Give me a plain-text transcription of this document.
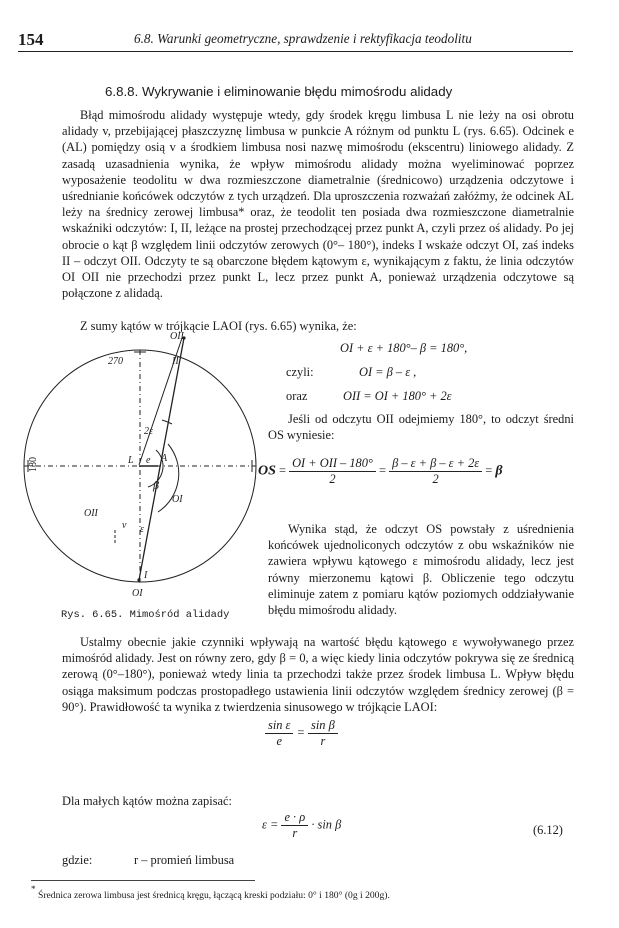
154	6.8. Warunki geometryczne, sprawdzenie i rektyfikacja teodolitu
6.8.8. Wykrywanie i eliminowanie błędu mimośrodu alidady
Błąd mimośrodu alidady występuje wtedy, gdy środek kręgu limbusa L nie leży na osi obrotu alidady v, przebijającej płaszczyznę limbusa w punkcie A różnym od punktu L (rys. 6.65). Odcinek e (AL) pomiędzy osią v a środkiem limbusa nosi nazwę mimośrodu (ekscentru) liniowego alidady. Z zasadą uzasadnienia wynika, że wpływ mimośrodu alidady można wyeliminować poprzez wyposażenie teodolitu w dwa rozmieszczone diametralnie (średnicowo) urządzenia odczytowe i uśrednianie końcówek odczytów z tych urządzeń. Dla uproszczenia rozważań załóżmy, że odcinek AL leży na średnicy zerowej limbusa* oraz, że teodolit ten posiada dwa rozmieszczone diametralnie wskaźniki odczytów: I, II, leżące na prostej przechodzącej przez punkt A, czyli przez oś alidady. Po jej obrocie o kąt β względem linii odczytów zerowych (0°– 180°), indeks I wskaże odczyt OI, zaś indeks II – odczyt OII. Odczyty te są obarczone błędem kątowym ε, wynikającym z faktu, że linia odczytów OI OII nie przechodzi przez punkt L, lecz przez punkt A, ponieważ urządzenia odczytowe są połączone z alidadą.
Z sumy kątów w trójkącie LAOI (rys. 6.65) wynika, że:
OII
270	II
2ε
L e A
β
180
OII
OI
v ε
I
OI
Rys. 6.65. Mimośród alidady
OI + ε + 180°– β = 180°,
czyli:	OI = β – ε ,
oraz	OII = OI + 180° + 2ε
Jeśli od odczytu OII odejmiemy 180°, to odczyt średni OS wyniesie:
OS = $\frac{\text{OI + OII – 180°}}{2} = \frac{\beta - \varepsilon + \beta - \varepsilon + 2\varepsilon}{2} = \beta$
Wynika stąd, że odczyt OS powstały z uśrednienia końcówek ujednoliconych odczytów z obu wskaźników nie zawiera wpływu kątowego ε mimośrodu alidady, lecz jest równy mierzonemu kątowi β. Obliczenie tego odczytu eliminuje zatem z pomiaru kątów poziomych oddziaływanie błędu mimośrodu alidady.
Ustalmy obecnie jakie czynniki wpływają na wartość błędu kątowego ε wywoływanego przez mimośród alidady. Jest on równy zero, gdy β = 0, a więc kiedy linia odczytów pokrywa się ze średnicą zerową (0°–180°), ponieważ wtedy linia ta przechodzi także przez środek limbusa L. Wpływ błędu osiąga maksimum podczas prostopadłego ustawienia linii odczytów względem średnicy zerowej (β = 90°). Prawidłowość ta wynika z twierdzenia sinusowego w trójkącie LAOI:
$\frac{\text{sin ε}}{e} = \frac{\text{sin β}}{r}$
Dla małych kątów można zapisać:
$\varepsilon = \frac{e \cdot \rho}{r} \cdot \sin \beta$	(6.12)
gdzie:	r – promień limbusa
*
Średnica zerowa limbusa jest średnicą kręgu, łączącą kreski podziału: 0° i 180° (0g i 200g).
